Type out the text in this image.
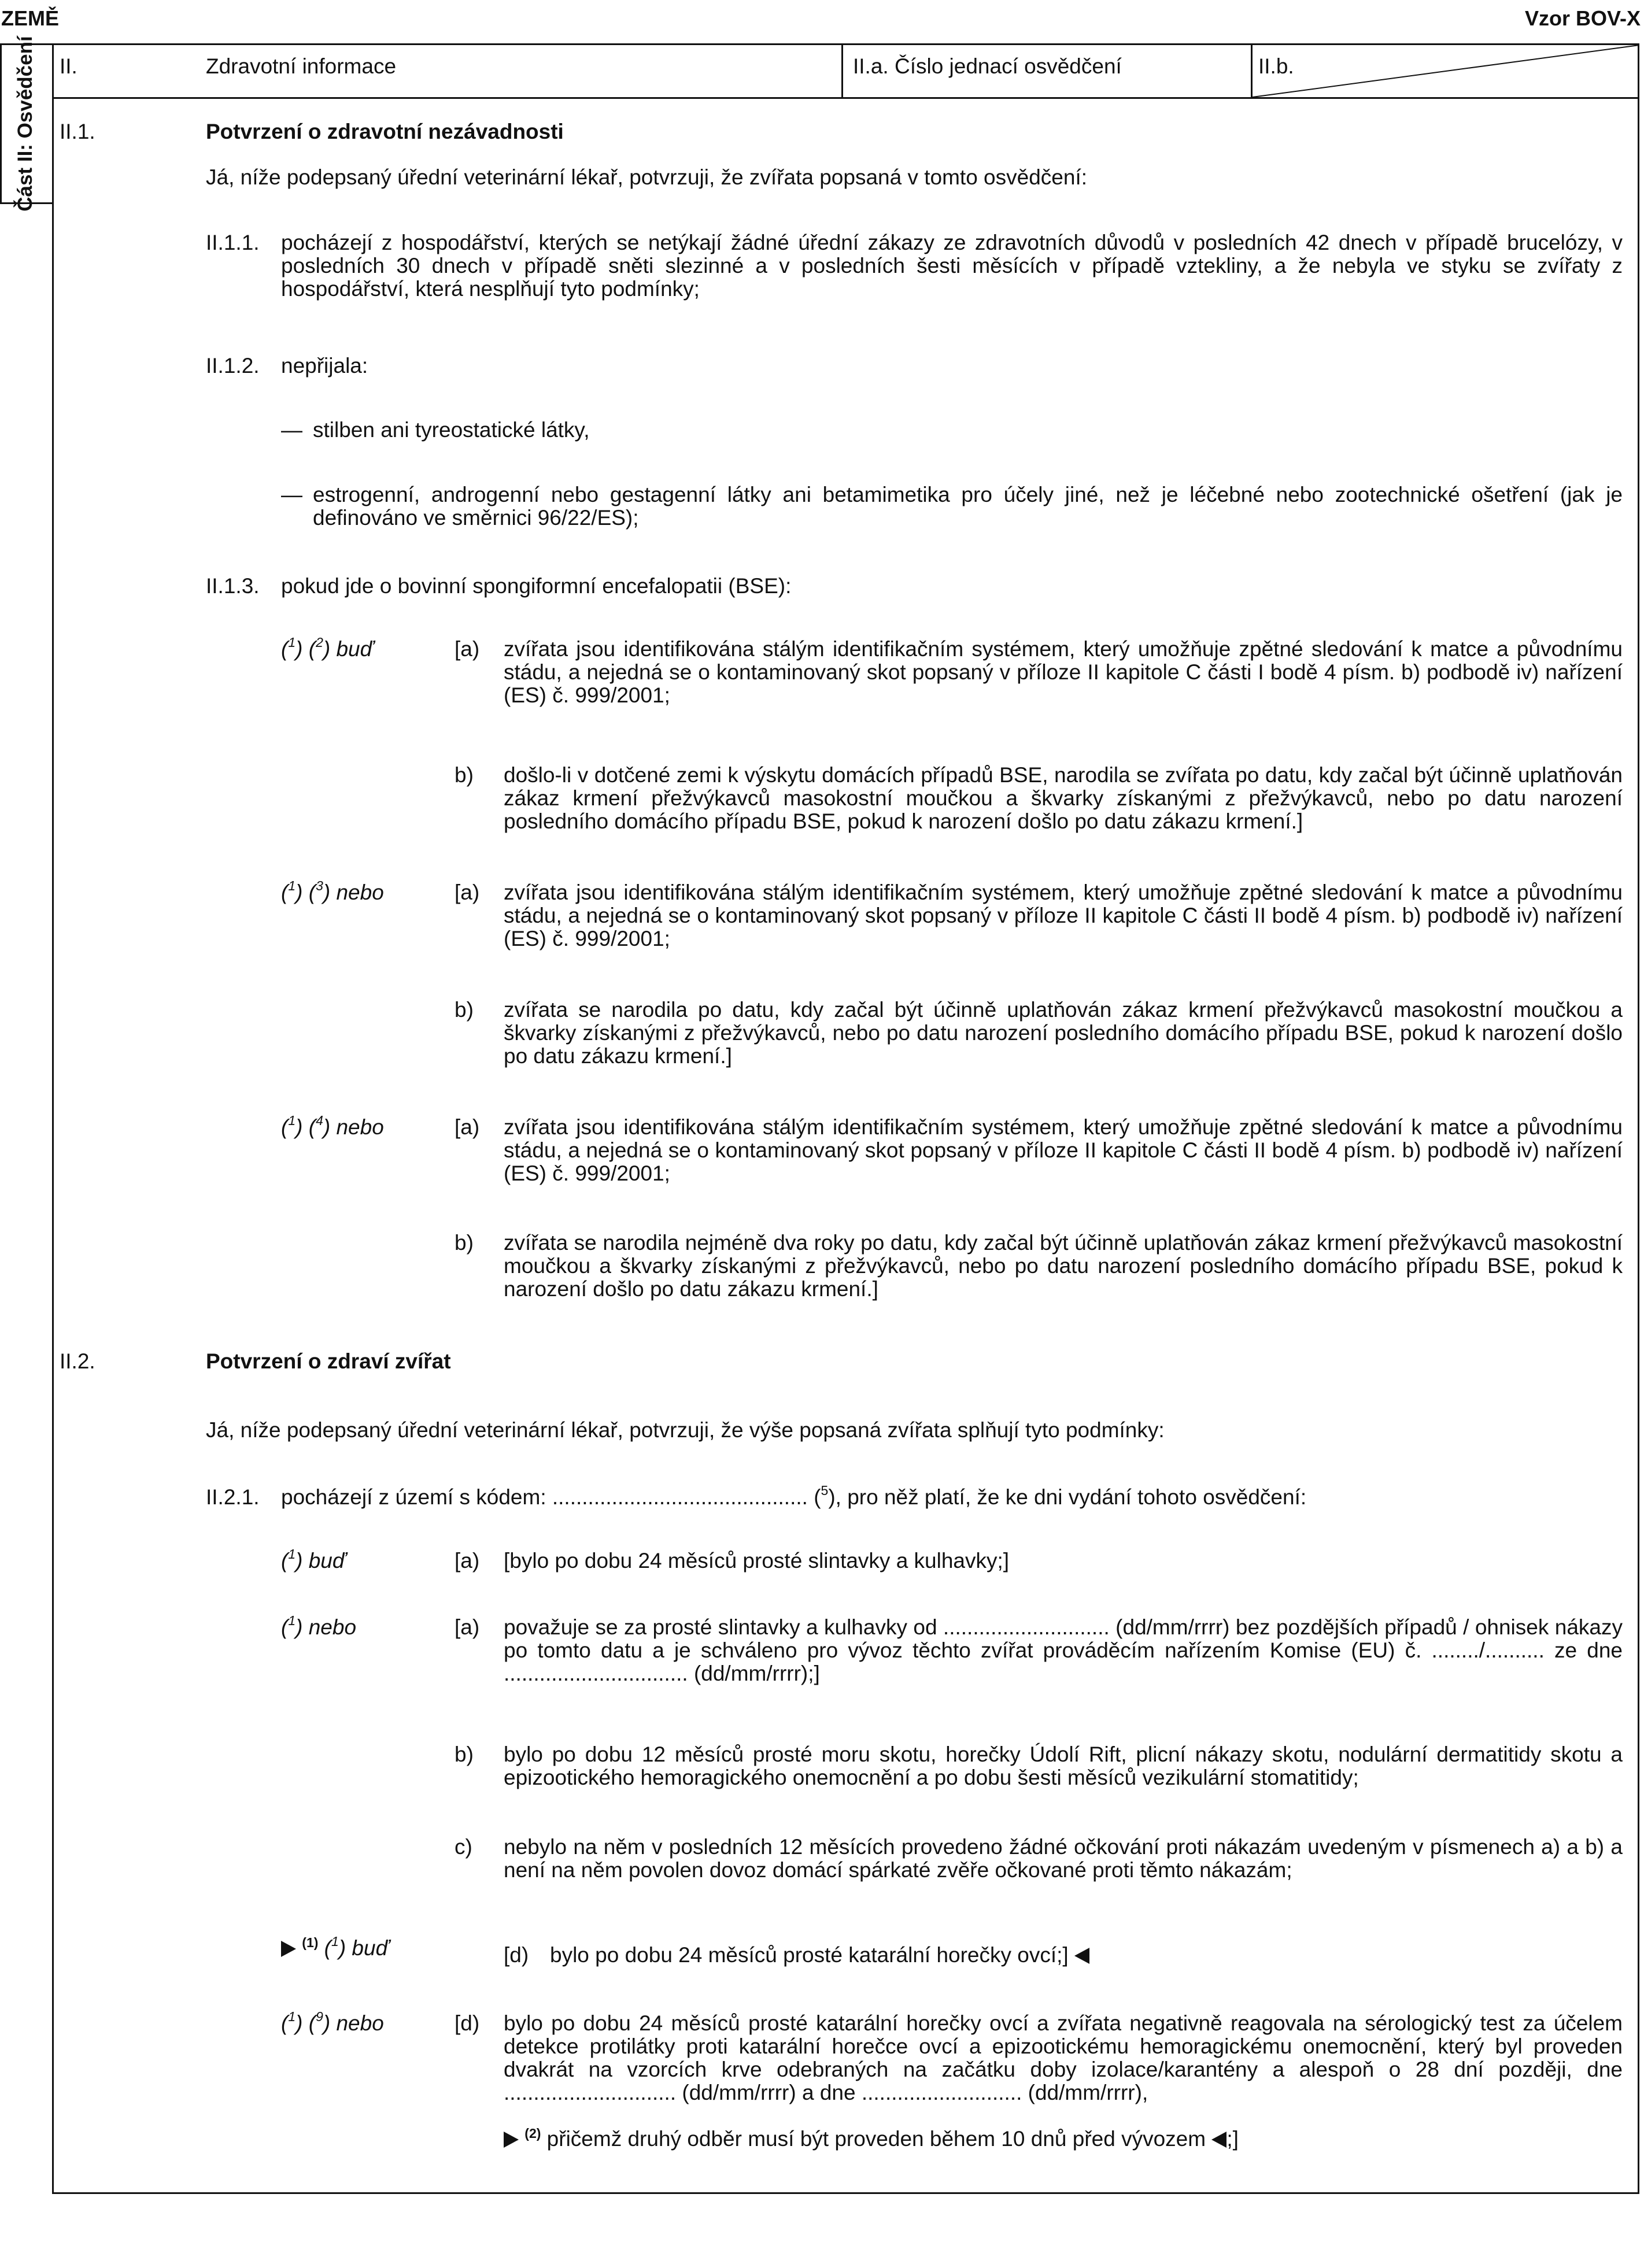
ZEMĚ	Vzor BOV-X
Část II: Osvědčení II.	Zdravotní informace	II.a. Číslo jednací osvědčení	II.b.
II.1.	Potvrzení o zdravotní nezávadnosti
Já, níže podepsaný úřední veterinární lékař, potvrzuji, že zvířata popsaná v tomto osvědčení:
II.1.1. pocházejí z hospodářství, kterých se netýkají žádné úřední zákazy ze zdravotních důvodů v posledních 42 dnech v případě brucelózy, v posledních 30 dnech v případě sněti slezinné a v posledních šesti měsících v případě vztekliny, a že nebyla ve styku se zvířaty z hospodářství, která nesplňují tyto podmínky;
II.1.2. nepřijala:
— stilben ani tyreostatické látky,
— estrogenní, androgenní nebo gestagenní látky ani betamimetika pro účely jiné, než je léčebné nebo zootechnické ošetření (jak je definováno ve směrnici 96/22/ES);
II.1.3. pokud jde o bovinní spongiformní encefalopatii (BSE):
($^1$) ($^2$) buď	[a) zvířata jsou identifikována stálým identifikačním systémem, který umožňuje zpětné sledování k matce a původnímu stádu, a nejedná se o kontaminovaný skot popsaný v příloze II kapitole C části I bodě 4 písm. b) podbodě iv) nařízení (ES) č. 999/2001;
b) došlo-li v dotčené zemi k výskytu domácích případů BSE, narodila se zvířata po datu, kdy začal být účinně uplatňován zákaz krmení přežvýkavců masokostní moučkou a škvarky získanými z přežvýkavců, nebo po datu narození posledního domácího případu BSE, pokud k narození došlo po datu zákazu krmení.]
($^1$) ($^3$) nebo	[a) zvířata jsou identifikována stálým identifikačním systémem, který umožňuje zpětné sledování k matce a původnímu stádu, a nejedná se o kontaminovaný skot popsaný v příloze II kapitole C části II bodě 4 písm. b) podbodě iv) nařízení (ES) č. 999/2001;
b) zvířata se narodila po datu, kdy začal být účinně uplatňován zákaz krmení přežvýkavců masokostní moučkou a škvarky získanými z přežvýkavců, nebo po datu narození posledního domácího případu BSE, pokud k narození došlo po datu zákazu krmení.]
($^1$) ($^4$) nebo	[a) zvířata jsou identifikována stálým identifikačním systémem, který umožňuje zpětné sledování k matce a původnímu stádu, a nejedná se o kontaminovaný skot popsaný v příloze II kapitole C části II bodě 4 písm. b) podbodě iv) nařízení (ES) č. 999/2001;
b) zvířata se narodila nejméně dva roky po datu, kdy začal být účinně uplatňován zákaz krmení přežvýkavců masokostní moučkou a škvarky získanými z přežvýkavců, nebo po datu narození posledního domácího případu BSE, pokud k narození došlo po datu zákazu krmení.]
II.2.	Potvrzení o zdraví zvířat
Já, níže podepsaný úřední veterinární lékař, potvrzuji, že výše popsaná zvířata splňují tyto podmínky:
II.2.1. pocházejí z území s kódem: ........................................... ($^5$), pro něž platí, že ke dni vydání tohoto osvědčení:
($^1$) buď	[a) [bylo po dobu 24 měsíců prosté slintavky a kulhavky;]
($^1$) nebo	[a) považuje se za prosté slintavky a kulhavky od ............................ (dd/mm/rrrr) bez pozdějších případů / ohnisek nákazy po tomto datu a je schváleno pro vývoz těchto zvířat prováděcím nařízením Komise (EU) č. ......../.......... ze dne ............................... (dd/mm/rrrr);]
b) bylo po dobu 12 měsíců prosté moru skotu, horečky Údolí Rift, plicní nákazy skotu, nodulární dermatitidy skotu a epizootického hemoragického onemocnění a po dobu šesti měsíců vezikulární stomatitidy;
c) nebylo na něm v posledních 12 měsících provedeno žádné očkování proti nákazám uvedeným v písmenech a) a b) a není na něm povolen dovoz domácí spárkaté zvěře očkované proti těmto nákazám;
$^{(1)}$ ($^1$) buď	[d) bylo po dobu 24 měsíců prosté katarální horečky ovcí;]
($^1$) ($^9$) nebo	[d) bylo po dobu 24 měsíců prosté katarální horečky ovcí a zvířata negativně reagovala na sérologický test za účelem detekce protilátky proti katarální horečce ovcí a epizootickému hemoragickému onemocnění, který byl proveden dvakrát na vzorcích krve odebraných na začátku doby izolace/karantény a alespoň o 28 dní později, dne ............................. (dd/mm/rrrr) a dne ........................... (dd/mm/rrrr),
$^{(2)}$ přičemž druhý odběr musí být proveden během 10 dnů před vývozem ;]
